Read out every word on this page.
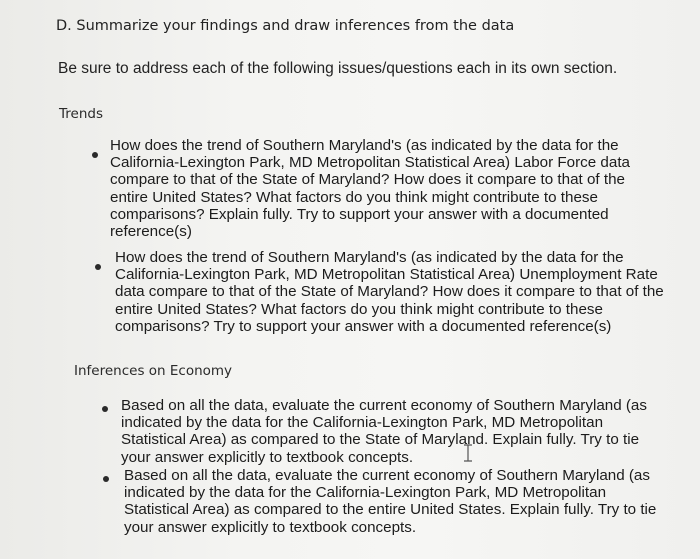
D. Summarize your findings and draw inferences from the data
Be sure to address each of the following issues/questions each in its own section.
Trends
How does the trend of Southern Maryland's (as indicated by the data for the California-Lexington Park, MD Metropolitan Statistical Area) Labor Force data compare to that of the State of Maryland? How does it compare to that of the entire United States? What factors do you think might contribute to these comparisons? Explain fully. Try to support your answer with a documented reference(s)
How does the trend of Southern Maryland's (as indicated by the data for the California-Lexington Park, MD Metropolitan Statistical Area) Unemployment Rate data compare to that of the State of Maryland? How does it compare to that of the entire United States? What factors do you think might contribute to these comparisons? Try to support your answer with a documented reference(s)
Inferences on Economy
Based on all the data, evaluate the current economy of Southern Maryland (as indicated by the data for the California-Lexington Park, MD Metropolitan Statistical Area) as compared to the State of Maryland. Explain fully. Try to tie your answer explicitly to textbook concepts.
Based on all the data, evaluate the current economy of Southern Maryland (as indicated by the data for the California-Lexington Park, MD Metropolitan Statistical Area) as compared to the entire United States. Explain fully. Try to tie your answer explicitly to textbook concepts.
